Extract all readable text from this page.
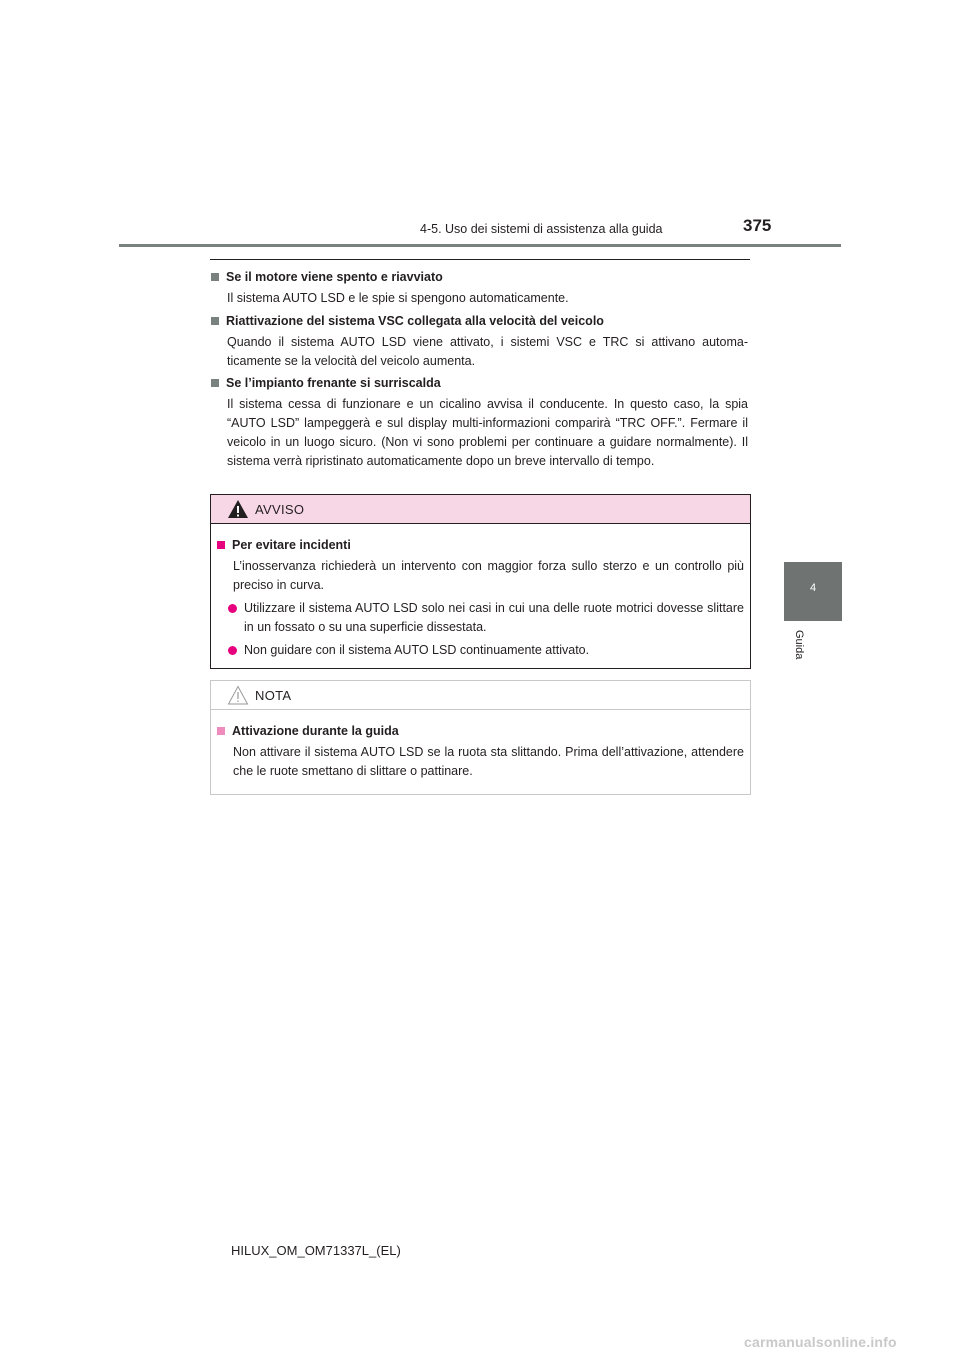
4-5. Uso dei sistemi di assistenza alla guida	375
4
Guida
Se il motore viene spento e riavviato
Il sistema AUTO LSD e le spie si spengono automaticamente.
Riattivazione del sistema VSC collegata alla velocità del veicolo
Quando il sistema AUTO LSD viene attivato, i sistemi VSC e TRC si attivano automa-ticamente se la velocità del veicolo aumenta.
Se l’impianto frenante si surriscalda
Il sistema cessa di funzionare e un cicalino avvisa il conducente. In questo caso, la spia “AUTO LSD” lampeggerà e sul display multi-informazioni comparirà “TRC OFF.”. Fermare il veicolo in un luogo sicuro. (Non vi sono problemi per continuare a guidare normalmente). Il sistema verrà ripristinato automaticamente dopo un breve intervallo di tempo.
AVVISO
Per evitare incidenti
L’inosservanza richiederà un intervento con maggior forza sullo sterzo e un controllo più preciso in curva.
Utilizzare il sistema AUTO LSD solo nei casi in cui una delle ruote motrici dovesse slittare in un fossato o su una superficie dissestata.
Non guidare con il sistema AUTO LSD continuamente attivato.
NOTA
Attivazione durante la guida
Non attivare il sistema AUTO LSD se la ruota sta slittando. Prima dell’attivazione, attendere che le ruote smettano di slittare o pattinare.
HILUX_OM_OM71337L_(EL)
carmanualsonline.info
